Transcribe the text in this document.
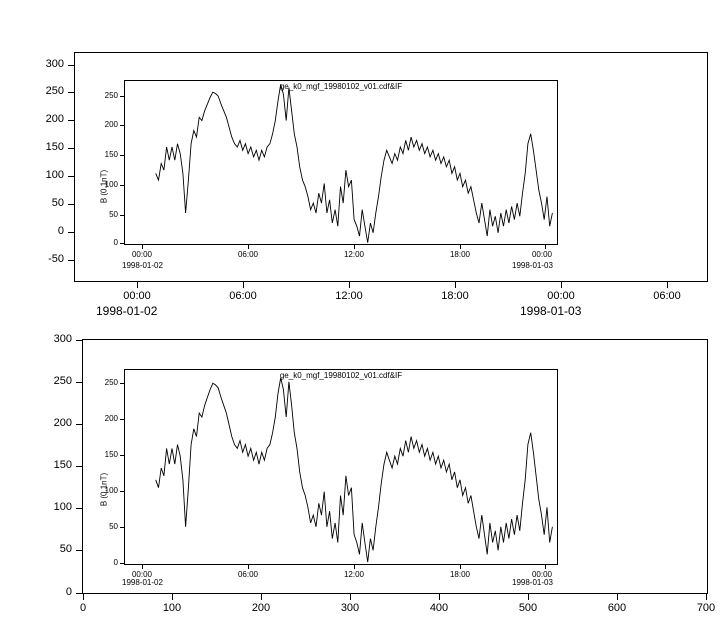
300
250
200
150
100
50
0
-50
00:00	06:00	12:00	18:00	00:00	06:00
1998-01-02	1998-01-03
ge_k0_mgf_19980102_v01.cdf&IF
250
200
150
100
50
0
B (0.1nT)
00:00	06:00	12:00	18:00	00:00
1998-01-02	1998-01-03
300
250
200
150
100
50
0
0	100	200	300	400	500	600	700
ge_k0_mgf_19980102_v01.cdf&IF
250
200
150
100
50
0
B (0.1nT)
00:00	06:00	12:00	18:00	00:00
1998-01-02	1998-01-03
